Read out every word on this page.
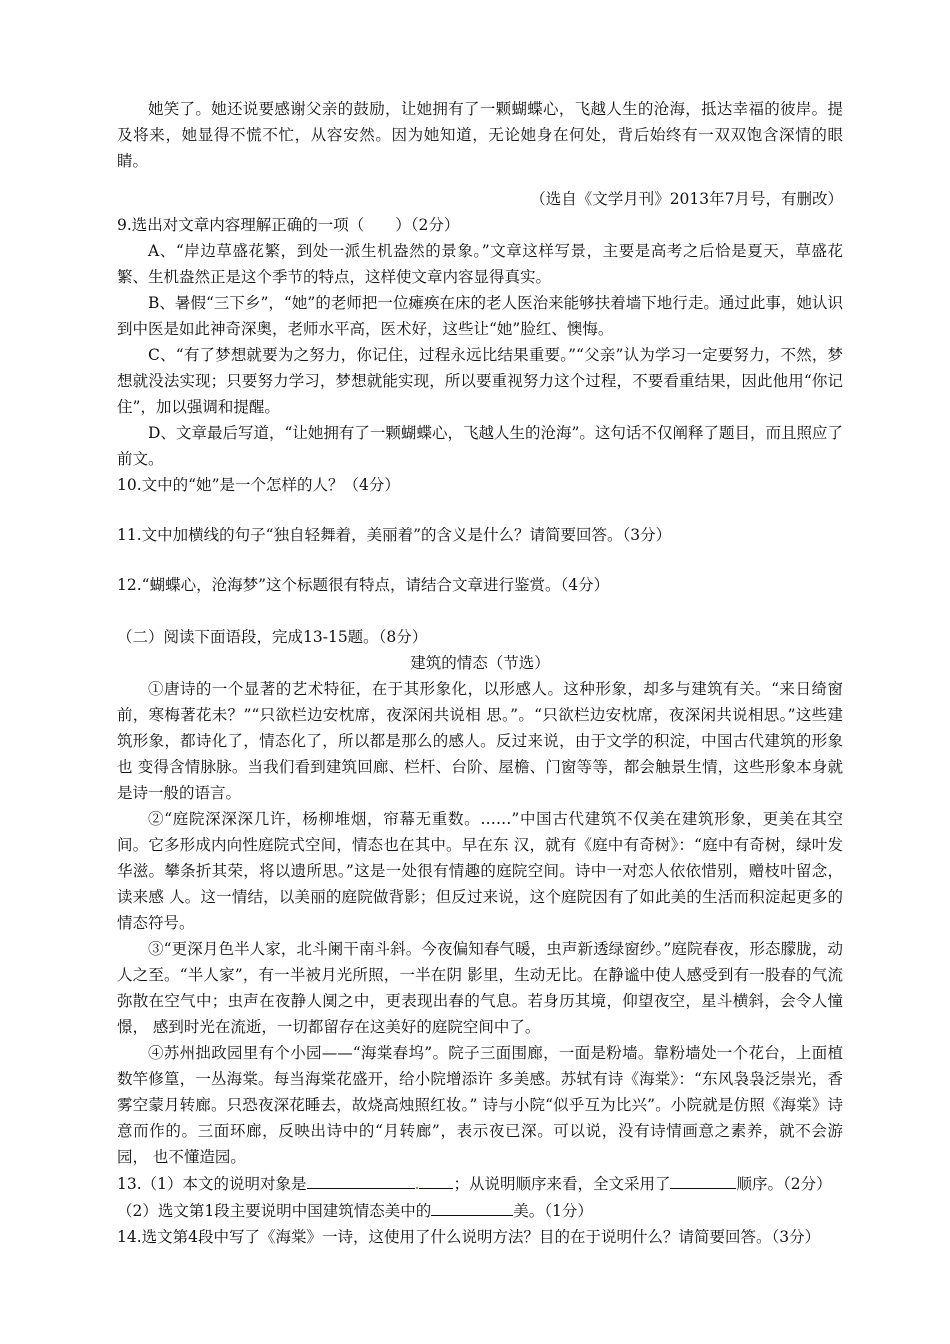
她笑了。她还说要感谢父亲的鼓励，让她拥有了一颗蝴蝶心，飞越人生的沧海，抵达幸福的彼岸。提及将来，她显得不慌不忙，从容安然。因为她知道，无论她身在何处，背后始终有一双双饱含深情的眼睛。

（选自《文学月刊》2013年7月号，有删改）

9.选出对文章内容理解正确的一项（　　）（2分）

A、“岸边草盛花繁，到处一派生机盎然的景象。”文章这样写景，主要是高考之后恰是夏天，草盛花繁、生机盎然正是这个季节的特点，这样使文章内容显得真实。

B、暑假“三下乡”，“她”的老师把一位瘫痪在床的老人医治来能够扶着墙下地行走。通过此事，她认识到中医是如此神奇深奥，老师水平高，医术好，这些让“她”脸红、懊悔。

C、“有了梦想就要为之努力，你记住，过程永远比结果重要。”“父亲”认为学习一定要努力，不然，梦想就没法实现；只要努力学习，梦想就能实现，所以要重视努力这个过程，不要看重结果，因此他用“你记住”，加以强调和提醒。

D、文章最后写道，“让她拥有了一颗蝴蝶心，飞越人生的沧海”。这句话不仅阐释了题目，而且照应了前文。

10.文中的“她”是一个怎样的人？（4分）

11.文中加横线的句子“独自轻舞着，美丽着”的含义是什么？请简要回答。（3分）

12.“蝴蝶心，沧海梦”这个标题很有特点，请结合文章进行鉴赏。（4分）

（二）阅读下面语段，完成13-15题。（8分）

建筑的情态（节选）

①唐诗的一个显著的艺术特征，在于其形象化，以形感人。这种形象，却多与建筑有关。“来日绮窗前，寒梅著花未？”“只欲栏边安枕席，夜深闲共说相 思。”。“只欲栏边安枕席，夜深闲共说相思。”这些建筑形象，都诗化了，情态化了，所以都是那么的感人。反过来说，由于文学的积淀，中国古代建筑的形象也 变得含情脉脉。当我们看到建筑回廊、栏杆、台阶、屋檐、门窗等等，都会触景生情，这些形象本身就是诗一般的语言。

②“庭院深深深几许，杨柳堆烟，帘幕无重数。……”中国古代建筑不仅美在建筑形象，更美在其空间。它多形成内向性庭院式空间，情态也在其中。早在东 汉，就有《庭中有奇树》：“庭中有奇树，绿叶发华滋。攀条折其荣，将以遗所思。”这是一处很有情趣的庭院空间。诗中一对恋人依依惜别，赠枝叶留念，读来感 人。这一情结，以美丽的庭院做背影；但反过来说，这个庭院因有了如此美的生活而积淀起更多的情态符号。

③“更深月色半人家，北斗阑干南斗斜。今夜偏知春气暖，虫声新透绿窗纱。”庭院春夜，形态朦胧，动人之至。“半人家”，有一半被月光所照，一半在阴 影里，生动无比。在静谧中使人感受到有一股春的气流弥散在空气中；虫声在夜静人阒之中，更表现出春的气息。若身历其境，仰望夜空，星斗横斜，会令人憧憬， 感到时光在流逝，一切都留存在这美好的庭院空间中了。

④苏州拙政园里有个小园——“海棠春坞”。院子三面围廊，一面是粉墙。靠粉墙处一个花台，上面植数竿修篁，一丛海棠。每当海棠花盛开，给小院增添许 多美感。苏轼有诗《海棠》：“东风袅袅泛崇光，香雾空蒙月转廊。只恐夜深花睡去，故烧高烛照红妆。” 诗与小院“似乎互为比兴”。小院就是仿照《海棠》诗意而作的。三面环廊，反映出诗中的“月转廊”，表示夜已深。可以说，没有诗情画意之素养，就不会游园， 也不懂造园。

13.（1）本文的说明对象是	. ；从说明顺序来看，全文采用了	顺序。（2分）

（2）选文第1段主要说明中国建筑情态美中的	美。（1分）

14.选文第4段中写了《海棠》一诗，这使用了什么说明方法？目的在于说明什么？请简要回答。（3分）
